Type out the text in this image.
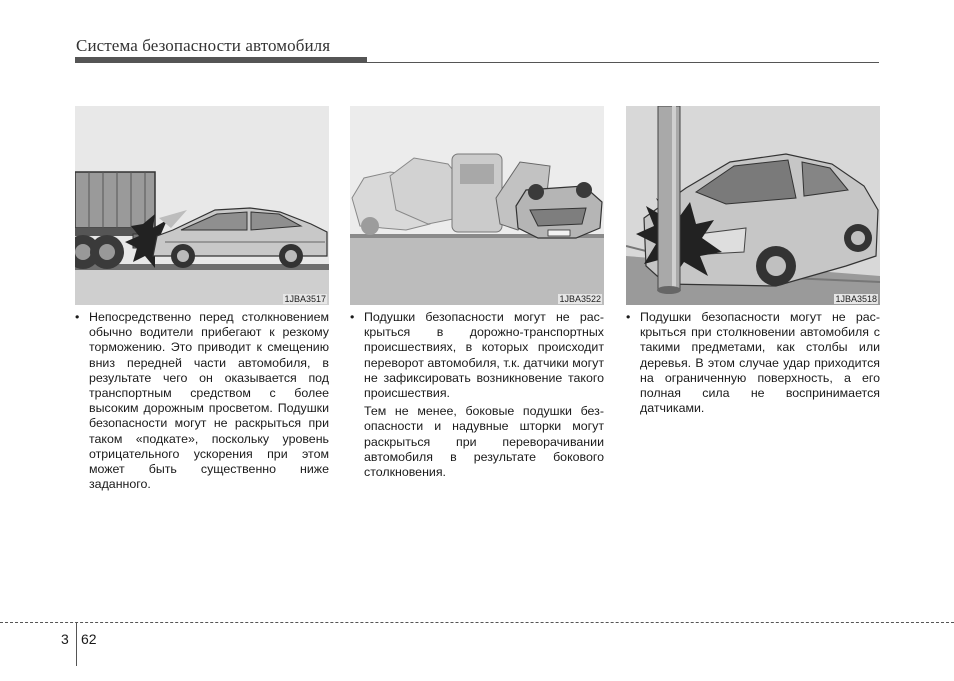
Система безопасности автомобиля
1JBA3517	1JBA3522	1JBA3518

• Непосредственно перед столкновением обычно водители прибегают к резкому торможению. Это приводит к смещению вниз передней части автомобиля, в результате чего он оказывается под транспортным средством с более высоким дорожным просветом. Подушки безопасности могут не раскрыться при таком «подкате», поскольку уровень отрицательного ускорения при этом может быть существенно ниже заданного.

• Подушки безопасности могут не раскрыться в дорожно-транспортных происшествиях, в которых происходит переворот автомобиля, т.к. датчики могут не зафиксировать возникновение такого происшествия.

Тем не менее, боковые подушки безопасности и надувные шторки могут раскрыться при переворачивании автомобиля в результате бокового столкновения.

• Подушки безопасности могут не раскрыться при столкновении автомобиля с такими предметами, как столбы или деревья. В этом случае удар приходится на ограниченную поверхность, а его полная сила не воспринимается датчиками.

3 62
